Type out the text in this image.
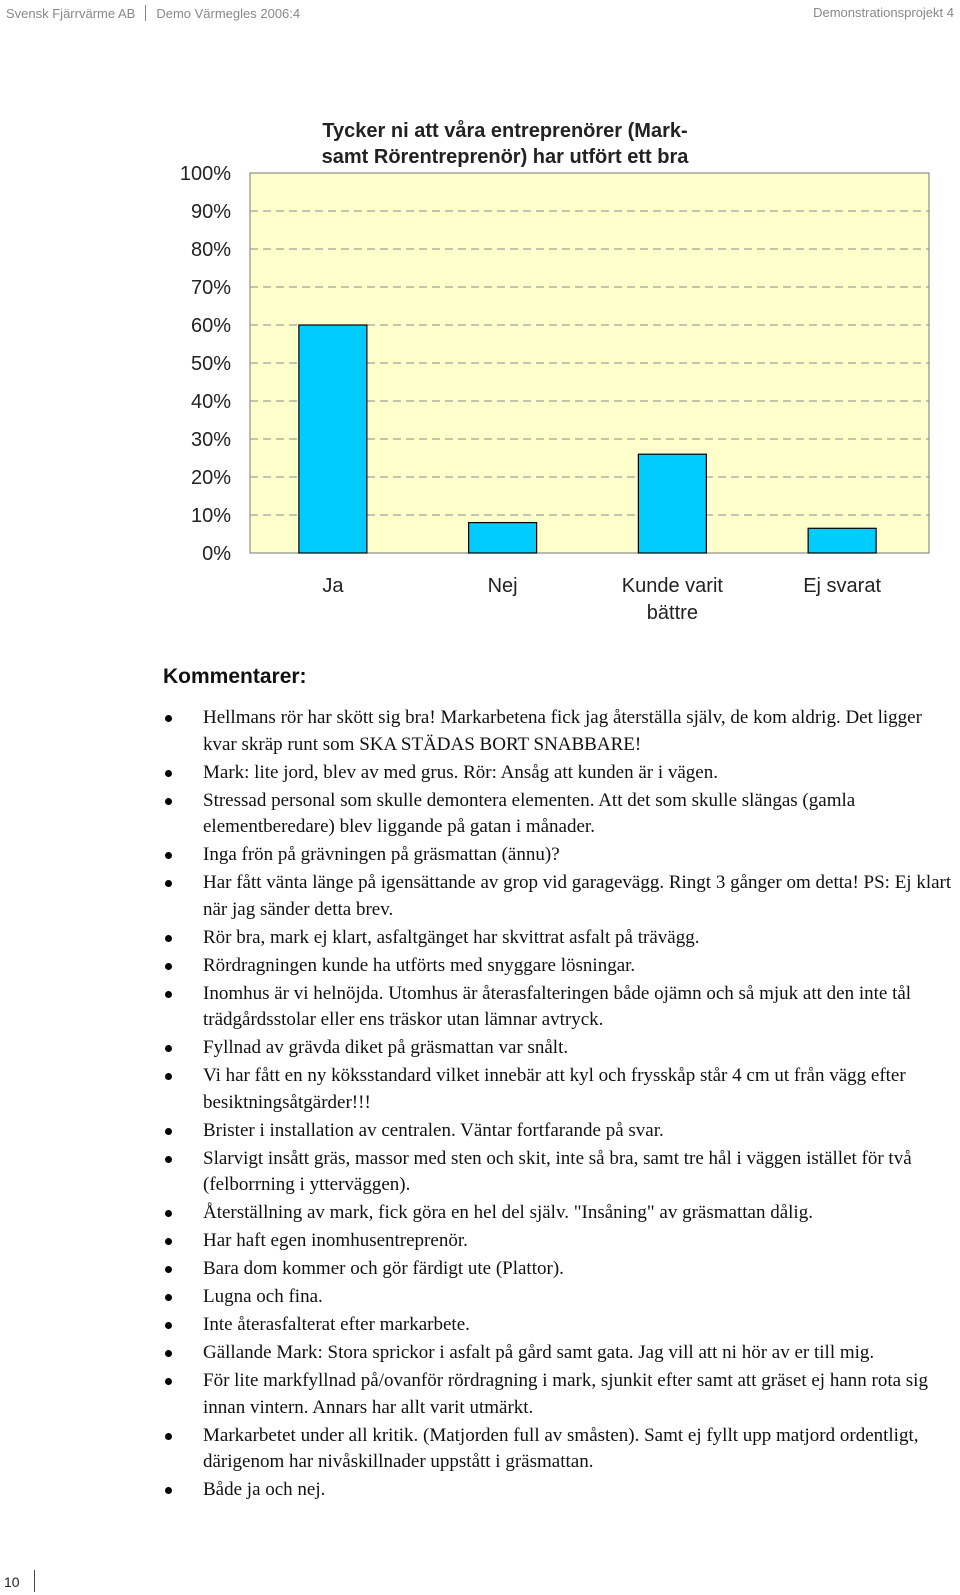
Svensk Fjärrvärme AB Demo Värmegles 2006:4	Demonstrationsprojekt 4
Tycker ni att våra entreprenörer (Mark- samt Rörentreprenör) har utfört ett bra
0%
10%
20%
30%
40%
50%
60%
70%
80%
90%
100%
Ja	Nej	Kunde varit bättre
Ej svarat
Kommentarer:
Hellmans rör har skött sig bra! Markarbetena fick jag återställa själv, de kom aldrig. Det ligger kvar skräp runt som SKA STÄDAS BORT SNABBARE!
Mark: lite jord, blev av med grus. Rör: Ansåg att kunden är i vägen.
Stressad personal som skulle demontera elementen. Att det som skulle slängas (gamla elementberedare) blev liggande på gatan i månader.
Inga frön på grävningen på gräsmattan (ännu)?
Har fått vänta länge på igensättande av grop vid garagevägg. Ringt 3 gånger om detta! PS: Ej klart när jag sänder detta brev.
Rör bra, mark ej klart, asfaltgänget har skvittrat asfalt på trävägg.
Rördragningen kunde ha utförts med snyggare lösningar.
Inomhus är vi helnöjda. Utomhus är återasfalteringen både ojämn och så mjuk att den inte tål trädgårdsstolar eller ens träskor utan lämnar avtryck.
Fyllnad av grävda diket på gräsmattan var snålt.
Vi har fått en ny köksstandard vilket innebär att kyl och frysskåp står 4 cm ut från vägg efter besiktningsåtgärder!!!
Brister i installation av centralen. Väntar fortfarande på svar.
Slarvigt insått gräs, massor med sten och skit, inte så bra, samt tre hål i väggen istället för två (felborrning i ytterväggen).
Återställning av mark, fick göra en hel del själv. "Insåning" av gräsmattan dålig.
Har haft egen inomhusentreprenör.
Bara dom kommer och gör färdigt ute (Plattor).
Lugna och fina.
Inte återasfalterat efter markarbete.
Gällande Mark: Stora sprickor i asfalt på gård samt gata. Jag vill att ni hör av er till mig.
För lite markfyllnad på/ovanför rördragning i mark, sjunkit efter samt att gräset ej hann rota sig innan vintern. Annars har allt varit utmärkt.
Markarbetet under all kritik. (Matjorden full av småsten). Samt ej fyllt upp matjord ordentligt, därigenom har nivåskillnader uppstått i gräsmattan.
Både ja och nej.
10
